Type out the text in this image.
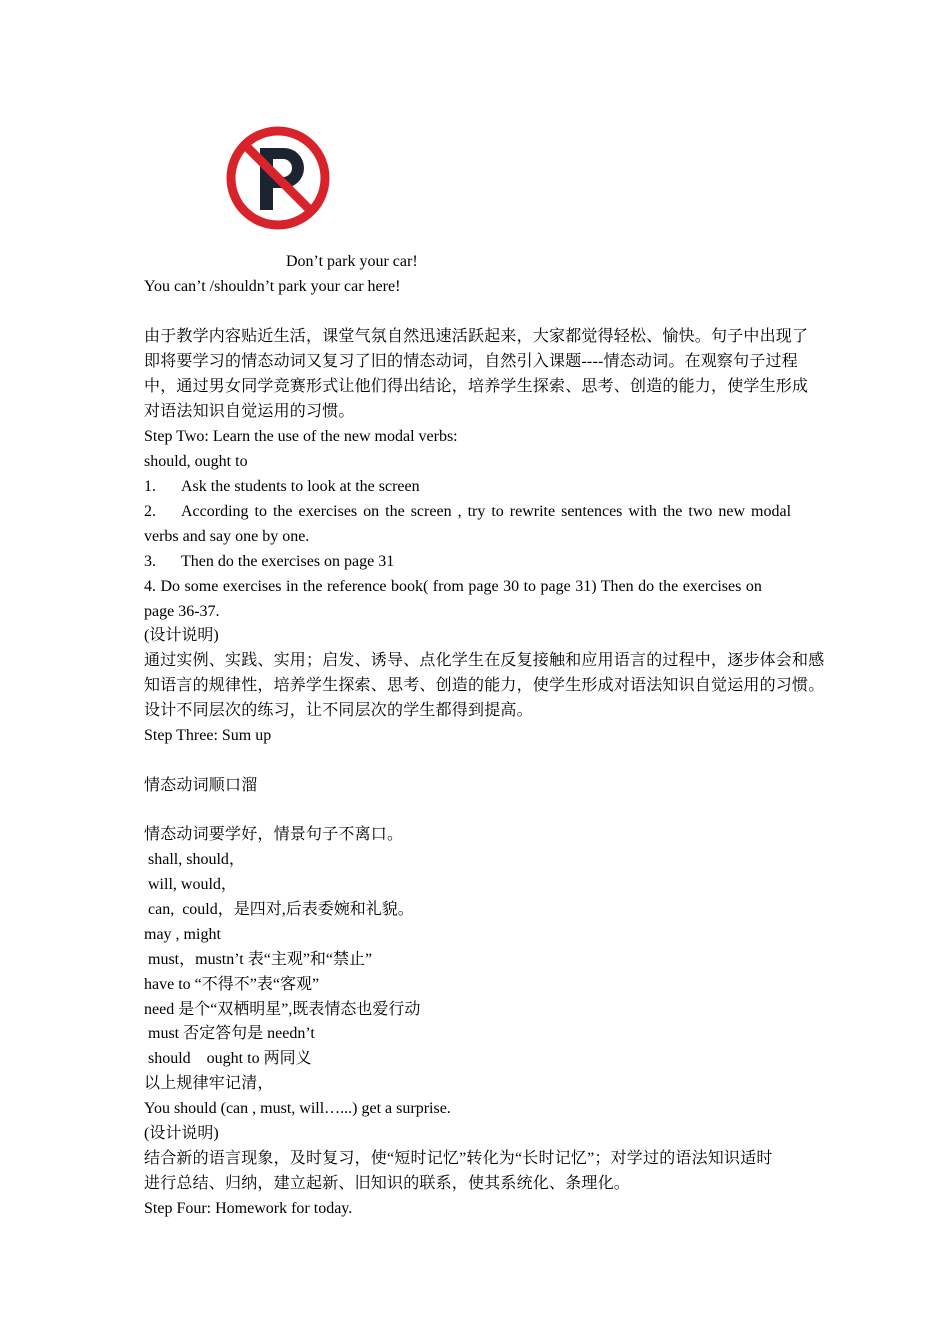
Don’t park your car!
You can’t /shouldn’t park your car here!
由于教学内容贴近生活，课堂气氛自然迅速活跃起来，大家都觉得轻松、愉快。句子中出现了
即将要学习的情态动词又复习了旧的情态动词，自然引入课题----情态动词。在观察句子过程
中，通过男女同学竞赛形式让他们得出结论，培养学生探索、思考、创造的能力，使学生形成
对语法知识自觉运用的习惯。
Step Two: Learn the use of the new modal verbs:
should, ought to
1. Ask the students to look at the screen
2. According to the exercises on the screen , try to rewrite sentences with the two new modal
verbs and say one by one.
3. Then do the exercises on page 31
4. Do some exercises in the reference book( from page 30 to page 31) Then do the exercises on
page 36-37.
(设计说明)
通过实例、实践、实用；启发、诱导、点化学生在反复接触和应用语言的过程中，逐步体会和感
知语言的规律性，培养学生探索、思考、创造的能力，使学生形成对语法知识自觉运用的习惯。
设计不同层次的练习，让不同层次的学生都得到提高。
Step Three: Sum up
情态动词顺口溜
情态动词要学好，情景句子不离口。
shall, should，
will, would，
can,  could，是四对,后表委婉和礼貌。
may , might
must，mustn’t 表“主观”和“禁止”
have to “不得不”表“客观”
need 是个“双栖明星”,既表情态也爱行动
must 否定答句是 needn’t
should    ought to 两同义
以上规律牢记清，
You should (can , must, will…...) get a surprise.
(设计说明)
结合新的语言现象，及时复习，使“短时记忆”转化为“长时记忆”；对学过的语法知识适时
进行总结、归纳，建立起新、旧知识的联系，使其系统化、条理化。
Step Four: Homework for today.
